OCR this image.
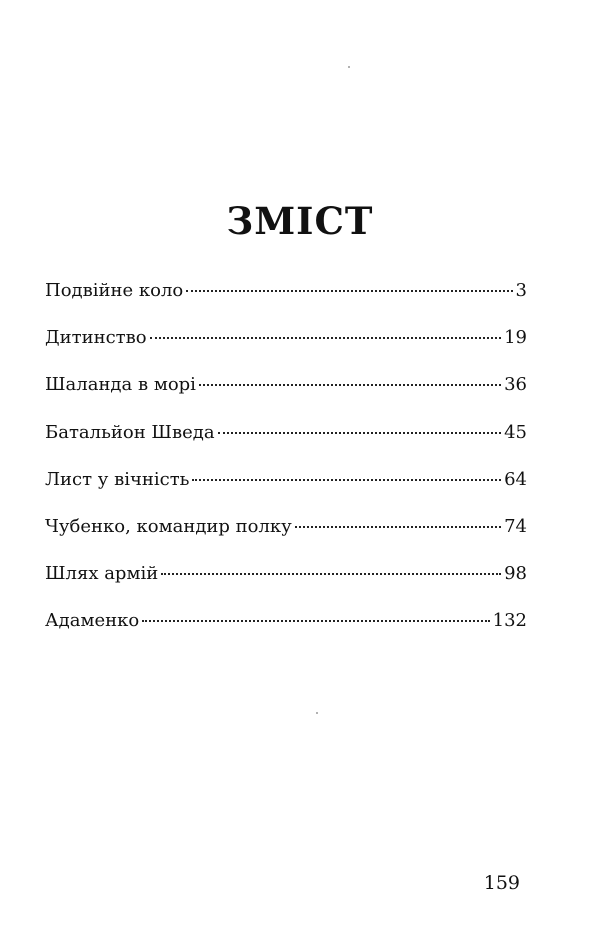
ЗМІСТ
Подвійне коло	3
Дитинство	19
Шаланда в морі	36
Батальйон Шведа	45
Лист у вічність	64
Чубенко, командир полку	74
Шлях армій	98
Адаменко	132

159
